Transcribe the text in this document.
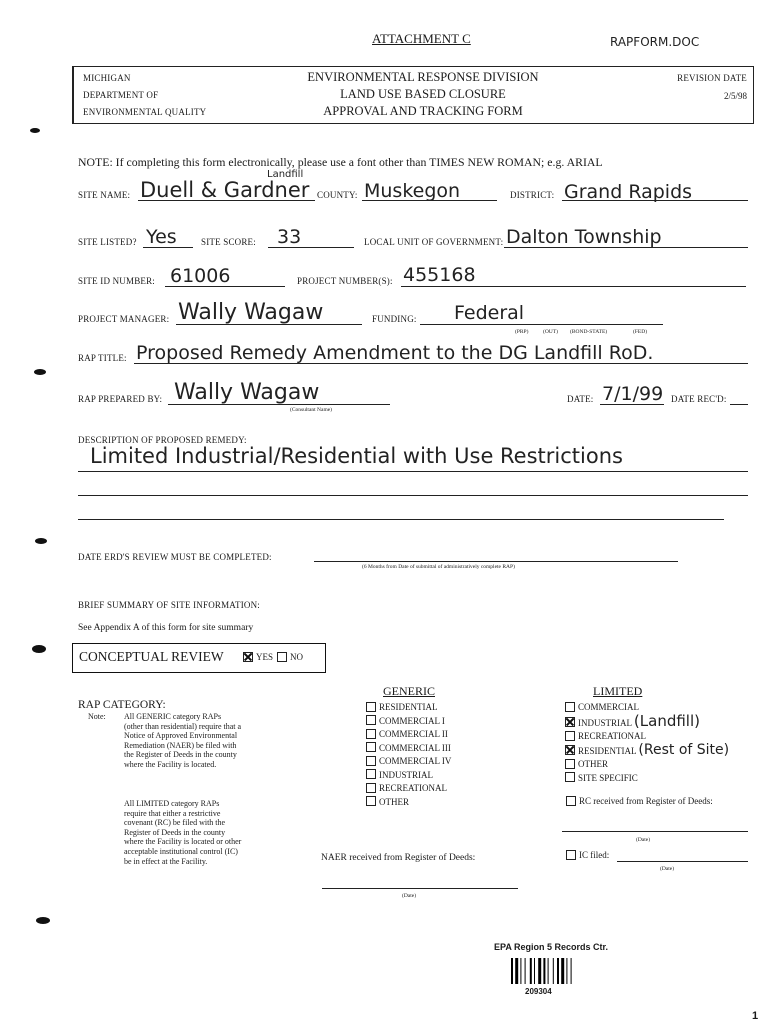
ATTACHMENT C	RAPFORM.DOC
MICHIGAN
DEPARTMENT OF
ENVIRONMENTAL QUALITY
ENVIRONMENTAL RESPONSE DIVISION
LAND USE BASED CLOSURE
APPROVAL AND TRACKING FORM
REVISION DATE
2/5/98
NOTE: If completing this form electronically, please use a font other than TIMES NEW ROMAN; e.g. ARIAL
SITE NAME: Duell & Gardner
Landfill
COUNTY: Muskegon	DISTRICT: Grand Rapids
SITE LISTED? Yes	SITE SCORE: 33	LOCAL UNIT OF GOVERNMENT: Dalton Township
SITE ID NUMBER: 61006	PROJECT NUMBER(S): 455168
PROJECT MANAGER: Wally Wagaw	FUNDING: Federal
(PRP)	(OUT) (BOND-STATE)	(FED)
RAP TITLE: Proposed Remedy Amendment to the DG Landfill RoD.
RAP PREPARED BY: Wally Wagaw
(Consultant Name)
DATE: 7/1/99 DATE REC'D:
DESCRIPTION OF PROPOSED REMEDY:
Limited Industrial/Residential with Use Restrictions
DATE ERD'S REVIEW MUST BE COMPLETED:
(6 Months from Date of submittal of administratively complete RAP)
BRIEF SUMMARY OF SITE INFORMATION:
See Appendix A of this form for site summary
CONCEPTUAL REVIEW	YES	NO
RAP CATEGORY:
Note: All GENERIC category RAPs
(other than residential) require that a
Notice of Approved Environmental
Remediation (NAER) be filed with
the Register of Deeds in the county
where the Facility is located.
All LIMITED category RAPs
require that either a restrictive
covenant (RC) be filed with the
Register of Deeds in the county
where the Facility is located or other
acceptable institutional control (IC)
be in effect at the Facility.
GENERIC
RESIDENTIAL
COMMERCIAL I
COMMERCIAL II
COMMERCIAL III
COMMERCIAL IV
INDUSTRIAL
RECREATIONAL
OTHER
NAER received from Register of Deeds:
(Date)
LIMITED
COMMERCIAL
INDUSTRIAL (Landfill)
RECREATIONAL
RESIDENTIAL (Rest of Site)
OTHER
SITE SPECIFIC
RC received from Register of Deeds:
(Date)
IC filed:
(Date)
EPA Region 5 Records Ctr.
209304
1
